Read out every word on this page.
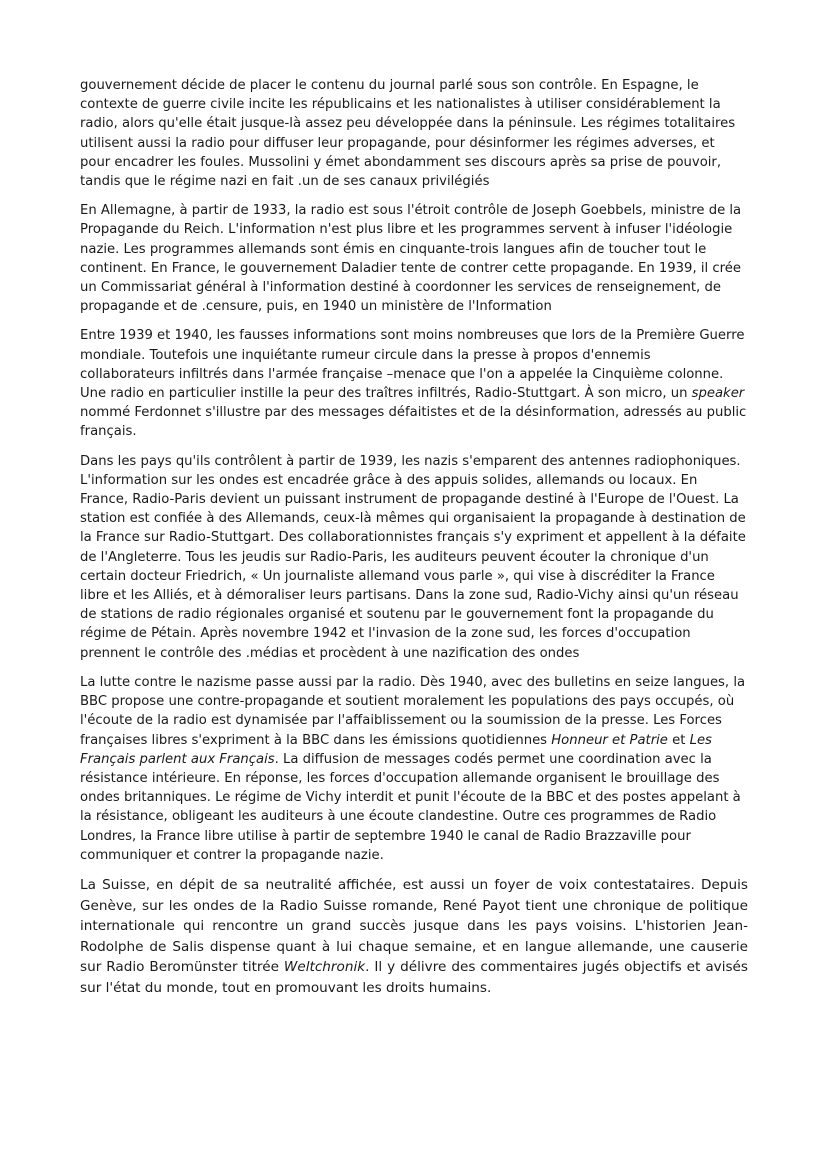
gouvernement décide de placer le contenu du journal parlé sous son contrôle. En Espagne, le contexte de guerre civile incite les républicains et les nationalistes à utiliser considérablement la radio, alors qu'elle était jusque-là assez peu développée dans la péninsule. Les régimes totalitaires utilisent aussi la radio pour diffuser leur propagande, pour désinformer les régimes adverses, et pour encadrer les foules. Mussolini y émet abondamment ses discours après sa prise de pouvoir, tandis que le régime nazi en fait .un de ses canaux privilégiés

En Allemagne, à partir de 1933, la radio est sous l'étroit contrôle de Joseph Goebbels, ministre de la Propagande du Reich. L'information n'est plus libre et les programmes servent à infuser l'idéologie nazie. Les programmes allemands sont émis en cinquante-trois langues afin de toucher tout le continent. En France, le gouvernement Daladier tente de contrer cette propagande. En 1939, il crée un Commissariat général à l'information destiné à coordonner les services de renseignement, de propagande et de .censure, puis, en 1940 un ministère de l'Information

Entre 1939 et 1940, les fausses informations sont moins nombreuses que lors de la Première Guerre mondiale. Toutefois une inquiétante rumeur circule dans la presse à propos d'ennemis collaborateurs infiltrés dans l'armée française –menace que l'on a appelée la Cinquième colonne. Une radio en particulier instille la peur des traîtres infiltrés, Radio-Stuttgart. À son micro, un speaker nommé Ferdonnet s'illustre par des messages défaitistes et de la désinformation, adressés au public français.

Dans les pays qu'ils contrôlent à partir de 1939, les nazis s'emparent des antennes radiophoniques. L'information sur les ondes est encadrée grâce à des appuis solides, allemands ou locaux. En France, Radio-Paris devient un puissant instrument de propagande destiné à l'Europe de l'Ouest. La station est confiée à des Allemands, ceux-là mêmes qui organisaient la propagande à destination de la France sur Radio-Stuttgart. Des collaborationnistes français s'y expriment et appellent à la défaite de l'Angleterre. Tous les jeudis sur Radio-Paris, les auditeurs peuvent écouter la chronique d'un certain docteur Friedrich, « Un journaliste allemand vous parle », qui vise à discréditer la France libre et les Alliés, et à démoraliser leurs partisans. Dans la zone sud, Radio-Vichy ainsi qu'un réseau de stations de radio régionales organisé et soutenu par le gouvernement font la propagande du régime de Pétain. Après novembre 1942 et l'invasion de la zone sud, les forces d'occupation prennent le contrôle des .médias et procèdent à une nazification des ondes

La lutte contre le nazisme passe aussi par la radio. Dès 1940, avec des bulletins en seize langues, la BBC propose une contre-propagande et soutient moralement les populations des pays occupés, où l'écoute de la radio est dynamisée par l'affaiblissement ou la soumission de la presse. Les Forces françaises libres s'expriment à la BBC dans les émissions quotidiennes Honneur et Patrie et Les Français parlent aux Français. La diffusion de messages codés permet une coordination avec la résistance intérieure. En réponse, les forces d'occupation allemande organisent le brouillage des ondes britanniques. Le régime de Vichy interdit et punit l'écoute de la BBC et des postes appelant à la résistance, obligeant les auditeurs à une écoute clandestine. Outre ces programmes de Radio Londres, la France libre utilise à partir de septembre 1940 le canal de Radio Brazzaville pour communiquer et contrer la propagande nazie.

La Suisse, en dépit de sa neutralité affichée, est aussi un foyer de voix contestataires. Depuis Genève, sur les ondes de la Radio Suisse romande, René Payot tient une chronique de politique internationale qui rencontre un grand succès jusque dans les pays voisins. L'historien Jean-Rodolphe de Salis dispense quant à lui chaque semaine, et en langue allemande, une causerie sur Radio Beromünster titrée Weltchronik. Il y délivre des commentaires jugés objectifs et avisés sur l'état du monde, tout en promouvant les droits humains.
